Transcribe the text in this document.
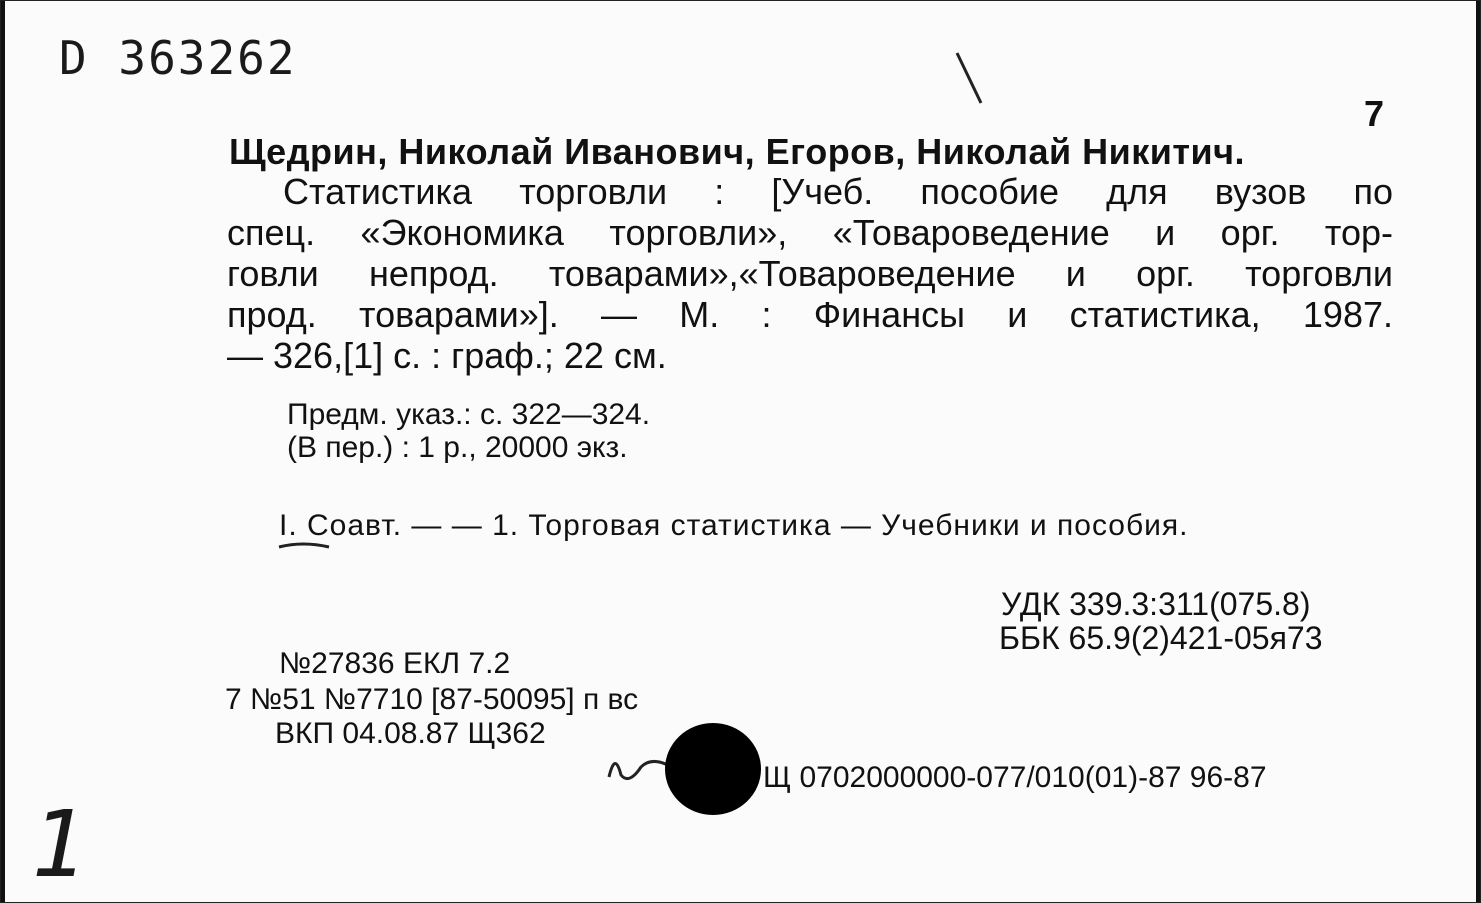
D 363262
7
Щедрин, Николай Иванович, Егоров, Николай Никитич.
Статистика торговли : [Учеб. пособие для вузов по
спец. «Экономика торговли», «Товароведение и орг. тор-
говли непрод. товарами»,«Товароведение и орг. торговли
прод. товарами»]. — М. : Финансы и статистика, 1987.
— 326,[1] с. : граф.; 22 см.
Предм. указ.: с. 322—324.
(В пер.) : 1 р., 20000 экз.
I. Соавт. — — 1. Торговая статистика — Учебники и пособия.
УДК 339.3:311(075.8)
ББК 65.9(2)421-05я73
№27836 ЕКЛ 7.2
7 №51 №7710 [87-50095] п вс
ВКП 04.08.87 Щ362
Щ 0702000000-077/010(01)-87 96-87
1
